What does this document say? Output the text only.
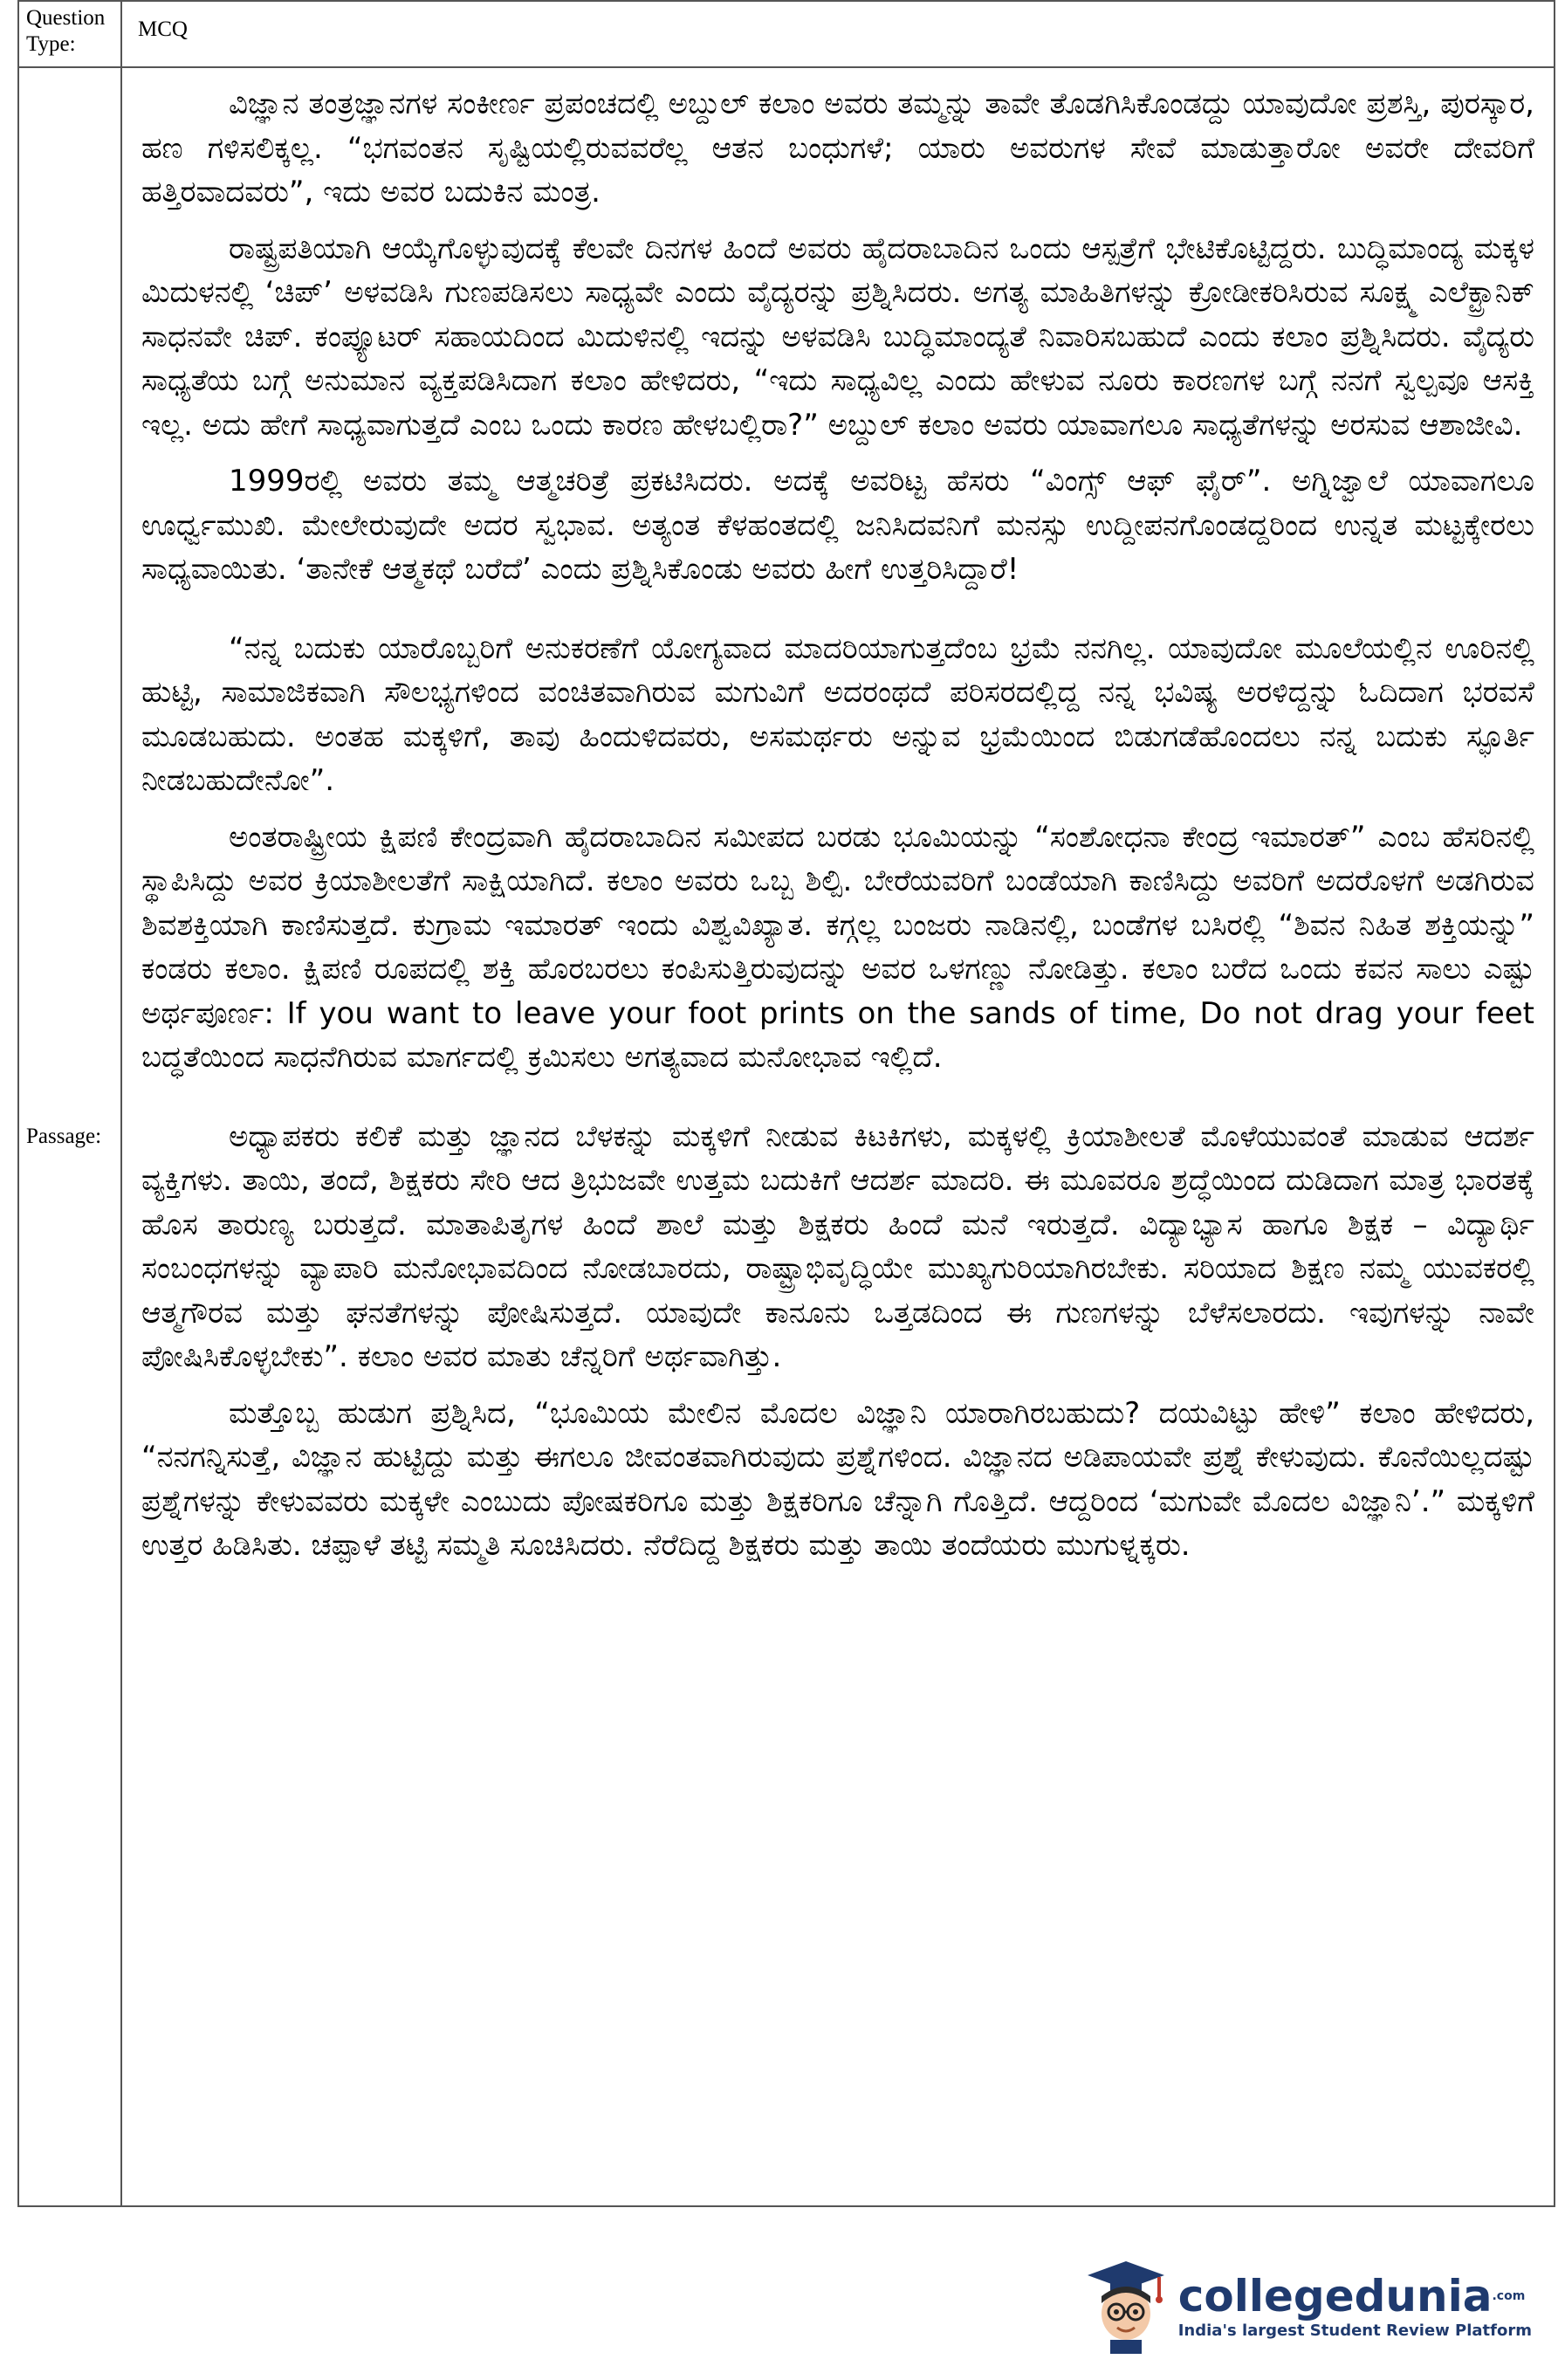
Question Type:
MCQ
Passage:

ವಿಜ್ಞಾನ ತಂತ್ರಜ್ಞಾನಗಳ ಸಂಕೀರ್ಣ ಪ್ರಪಂಚದಲ್ಲಿ ಅಬ್ದುಲ್ ಕಲಾಂ ಅವರು ತಮ್ಮನ್ನು ತಾವೇ ತೊಡಗಿಸಿಕೊಂಡದ್ದು ಯಾವುದೋ ಪ್ರಶಸ್ತಿ, ಪುರಸ್ಕಾರ, ಹಣ ಗಳಿಸಲಿಕ್ಕಲ್ಲ. “ಭಗವಂತನ ಸೃಷ್ಟಿಯಲ್ಲಿರುವವರೆಲ್ಲ ಆತನ ಬಂಧುಗಳೆ; ಯಾರು ಅವರುಗಳ ಸೇವೆ ಮಾಡುತ್ತಾರೋ ಅವರೇ ದೇವರಿಗೆ ಹತ್ತಿರವಾದವರು”, ಇದು ಅವರ ಬದುಕಿನ ಮಂತ್ರ.

ರಾಷ್ಟ್ರಪತಿಯಾಗಿ ಆಯ್ಕೆಗೊಳ್ಳುವುದಕ್ಕೆ ಕೆಲವೇ ದಿನಗಳ ಹಿಂದೆ ಅವರು ಹೈದರಾಬಾದಿನ ಒಂದು ಆಸ್ಪತ್ರೆಗೆ ಭೇಟಿಕೊಟ್ಟಿದ್ದರು. ಬುದ್ಧಿಮಾಂದ್ಯ ಮಕ್ಕಳ ಮಿದುಳನಲ್ಲಿ ‘ಚಿಪ್’ ಅಳವಡಿಸಿ ಗುಣಪಡಿಸಲು ಸಾಧ್ಯವೇ ಎಂದು ವೈದ್ಯರನ್ನು ಪ್ರಶ್ನಿಸಿದರು. ಅಗತ್ಯ ಮಾಹಿತಿಗಳನ್ನು ಕ್ರೋಡೀಕರಿಸಿರುವ ಸೂಕ್ಷ್ಮ ಎಲೆಕ್ಟ್ರಾನಿಕ್ ಸಾಧನವೇ ಚಿಪ್. ಕಂಪ್ಯೂಟರ್ ಸಹಾಯದಿಂದ ಮಿದುಳಿನಲ್ಲಿ ಇದನ್ನು ಅಳವಡಿಸಿ ಬುದ್ಧಿಮಾಂದ್ಯತೆ ನಿವಾರಿಸಬಹುದೆ ಎಂದು ಕಲಾಂ ಪ್ರಶ್ನಿಸಿದರು. ವೈದ್ಯರು ಸಾಧ್ಯತೆಯ ಬಗ್ಗೆ ಅನುಮಾನ ವ್ಯಕ್ತಪಡಿಸಿದಾಗ ಕಲಾಂ ಹೇಳಿದರು, “ಇದು ಸಾಧ್ಯವಿಲ್ಲ ಎಂದು ಹೇಳುವ ನೂರು ಕಾರಣಗಳ ಬಗ್ಗೆ ನನಗೆ ಸ್ವಲ್ಪವೂ ಆಸಕ್ತಿ ಇಲ್ಲ. ಅದು ಹೇಗೆ ಸಾಧ್ಯವಾಗುತ್ತದೆ ಎಂಬ ಒಂದು ಕಾರಣ ಹೇಳಬಲ್ಲಿರಾ?” ಅಬ್ದುಲ್ ಕಲಾಂ ಅವರು ಯಾವಾಗಲೂ ಸಾಧ್ಯತೆಗಳನ್ನು ಅರಸುವ ಆಶಾಜೀವಿ.

1999ರಲ್ಲಿ ಅವರು ತಮ್ಮ ಆತ್ಮಚರಿತ್ರೆ ಪ್ರಕಟಿಸಿದರು. ಅದಕ್ಕೆ ಅವರಿಟ್ಟ ಹೆಸರು “ವಿಂಗ್ಸ್ ಆಫ್ ಫೈರ್”. ಅಗ್ನಿಜ್ವಾಲೆ ಯಾವಾಗಲೂ ಊರ್ಧ್ವಮುಖಿ. ಮೇಲೇರುವುದೇ ಅದರ ಸ್ವಭಾವ. ಅತ್ಯಂತ ಕೆಳಹಂತದಲ್ಲಿ ಜನಿಸಿದವನಿಗೆ ಮನಸ್ಸು ಉದ್ದೀಪನಗೊಂಡದ್ದರಿಂದ ಉನ್ನತ ಮಟ್ಟಕ್ಕೇರಲು ಸಾಧ್ಯವಾಯಿತು. ‘ತಾನೇಕೆ ಆತ್ಮಕಥೆ ಬರೆದೆ’ ಎಂದು ಪ್ರಶ್ನಿಸಿಕೊಂಡು ಅವರು ಹೀಗೆ ಉತ್ತರಿಸಿದ್ದಾರೆ!

“ನನ್ನ ಬದುಕು ಯಾರೊಬ್ಬರಿಗೆ ಅನುಕರಣೆಗೆ ಯೋಗ್ಯವಾದ ಮಾದರಿಯಾಗುತ್ತದೆಂಬ ಭ್ರಮೆ ನನಗಿಲ್ಲ. ಯಾವುದೋ ಮೂಲೆಯಲ್ಲಿನ ಊರಿನಲ್ಲಿ ಹುಟ್ಟಿ, ಸಾಮಾಜಿಕವಾಗಿ ಸೌಲಭ್ಯಗಳಿಂದ ವಂಚಿತವಾಗಿರುವ ಮಗುವಿಗೆ ಅದರಂಥದೆ ಪರಿಸರದಲ್ಲಿದ್ದ ನನ್ನ ಭವಿಷ್ಯ ಅರಳಿದ್ದನ್ನು ಓದಿದಾಗ ಭರವಸೆ ಮೂಡಬಹುದು. ಅಂತಹ ಮಕ್ಕಳಿಗೆ, ತಾವು ಹಿಂದುಳಿದವರು, ಅಸಮರ್ಥರು ಅನ್ನುವ ಭ್ರಮೆಯಿಂದ ಬಿಡುಗಡೆಹೊಂದಲು ನನ್ನ ಬದುಕು ಸ್ಫೂರ್ತಿ ನೀಡಬಹುದೇನೋ”.

ಅಂತರಾಷ್ಟ್ರೀಯ ಕ್ಷಿಪಣಿ ಕೇಂದ್ರವಾಗಿ ಹೈದರಾಬಾದಿನ ಸಮೀಪದ ಬರಡು ಭೂಮಿಯನ್ನು “ಸಂಶೋಧನಾ ಕೇಂದ್ರ ಇಮಾರತ್” ಎಂಬ ಹೆಸರಿನಲ್ಲಿ ಸ್ಥಾಪಿಸಿದ್ದು ಅವರ ಕ್ರಿಯಾಶೀಲತೆಗೆ ಸಾಕ್ಷಿಯಾಗಿದೆ. ಕಲಾಂ ಅವರು ಒಬ್ಬ ಶಿಲ್ಪಿ. ಬೇರೆಯವರಿಗೆ ಬಂಡೆಯಾಗಿ ಕಾಣಿಸಿದ್ದು ಅವರಿಗೆ ಅದರೊಳಗೆ ಅಡಗಿರುವ ಶಿವಶಕ್ತಿಯಾಗಿ ಕಾಣಿಸುತ್ತದೆ. ಕುಗ್ರಾಮ ಇಮಾರತ್ ಇಂದು ವಿಶ್ವವಿಖ್ಯಾತ. ಕಗ್ಗಲ್ಲ ಬಂಜರು ನಾಡಿನಲ್ಲಿ, ಬಂಡೆಗಳ ಬಸಿರಲ್ಲಿ “ಶಿವನ ನಿಹಿತ ಶಕ್ತಿಯನ್ನು” ಕಂಡರು ಕಲಾಂ. ಕ್ಷಿಪಣಿ ರೂಪದಲ್ಲಿ ಶಕ್ತಿ ಹೊರಬರಲು ಕಂಪಿಸುತ್ತಿರುವುದನ್ನು ಅವರ ಒಳಗಣ್ಣು ನೋಡಿತ್ತು. ಕಲಾಂ ಬರೆದ ಒಂದು ಕವನ ಸಾಲು ಎಷ್ಟು ಅರ್ಥಪೂರ್ಣ: If you want to leave your foot prints on the sands of time, Do not drag your feet ಬದ್ಧತೆಯಿಂದ ಸಾಧನೆಗಿರುವ ಮಾರ್ಗದಲ್ಲಿ ಕ್ರಮಿಸಲು ಅಗತ್ಯವಾದ ಮನೋಭಾವ ಇಲ್ಲಿದೆ.

ಅಧ್ಯಾಪಕರು ಕಲಿಕೆ ಮತ್ತು ಜ್ಞಾನದ ಬೆಳಕನ್ನು ಮಕ್ಕಳಿಗೆ ನೀಡುವ ಕಿಟಕಿಗಳು, ಮಕ್ಕಳಲ್ಲಿ ಕ್ರಿಯಾಶೀಲತೆ ಮೊಳೆಯುವಂತೆ ಮಾಡುವ ಆದರ್ಶ ವ್ಯಕ್ತಿಗಳು. ತಾಯಿ, ತಂದೆ, ಶಿಕ್ಷಕರು ಸೇರಿ ಆದ ತ್ರಿಭುಜವೇ ಉತ್ತಮ ಬದುಕಿಗೆ ಆದರ್ಶ ಮಾದರಿ. ಈ ಮೂವರೂ ಶ್ರದ್ಧೆಯಿಂದ ದುಡಿದಾಗ ಮಾತ್ರ ಭಾರತಕ್ಕೆ ಹೊಸ ತಾರುಣ್ಯ ಬರುತ್ತದೆ. ಮಾತಾಪಿತೃಗಳ ಹಿಂದೆ ಶಾಲೆ ಮತ್ತು ಶಿಕ್ಷಕರು ಹಿಂದೆ ಮನೆ ಇರುತ್ತದೆ. ವಿದ್ಯಾಭ್ಯಾಸ ಹಾಗೂ ಶಿಕ್ಷಕ – ವಿದ್ಯಾರ್ಥಿ ಸಂಬಂಧಗಳನ್ನು ವ್ಯಾಪಾರಿ ಮನೋಭಾವದಿಂದ ನೋಡಬಾರದು, ರಾಷ್ಟ್ರಾಭಿವೃದ್ಧಿಯೇ ಮುಖ್ಯಗುರಿಯಾಗಿರಬೇಕು. ಸರಿಯಾದ ಶಿಕ್ಷಣ ನಮ್ಮ ಯುವಕರಲ್ಲಿ ಆತ್ಮಗೌರವ ಮತ್ತು ಘನತೆಗಳನ್ನು ಪೋಷಿಸುತ್ತದೆ. ಯಾವುದೇ ಕಾನೂನು ಒತ್ತಡದಿಂದ ಈ ಗುಣಗಳನ್ನು ಬೆಳೆಸಲಾರದು. ಇವುಗಳನ್ನು ನಾವೇ ಪೋಷಿಸಿಕೊಳ್ಳಬೇಕು”. ಕಲಾಂ ಅವರ ಮಾತು ಚೆನ್ನರಿಗೆ ಅರ್ಥವಾಗಿತ್ತು.

ಮತ್ತೊಬ್ಬ ಹುಡುಗ ಪ್ರಶ್ನಿಸಿದ, “ಭೂಮಿಯ ಮೇಲಿನ ಮೊದಲ ವಿಜ್ಞಾನಿ ಯಾರಾಗಿರಬಹುದು? ದಯವಿಟ್ಟು ಹೇಳಿ” ಕಲಾಂ ಹೇಳಿದರು, “ನನಗನ್ನಿಸುತ್ತೆ, ವಿಜ್ಞಾನ ಹುಟ್ಟಿದ್ದು ಮತ್ತು ಈಗಲೂ ಜೀವಂತವಾಗಿರುವುದು ಪ್ರಶ್ನೆಗಳಿಂದ. ವಿಜ್ಞಾನದ ಅಡಿಪಾಯವೇ ಪ್ರಶ್ನೆ ಕೇಳುವುದು. ಕೊನೆಯಿಲ್ಲದಷ್ಟು ಪ್ರಶ್ನೆಗಳನ್ನು ಕೇಳುವವರು ಮಕ್ಕಳೇ ಎಂಬುದು ಪೋಷಕರಿಗೂ ಮತ್ತು ಶಿಕ್ಷಕರಿಗೂ ಚೆನ್ನಾಗಿ ಗೊತ್ತಿದೆ. ಆದ್ದರಿಂದ ‘ಮಗುವೇ ಮೊದಲ ವಿಜ್ಞಾನಿ’.” ಮಕ್ಕಳಿಗೆ ಉತ್ತರ ಹಿಡಿಸಿತು. ಚಪ್ಪಾಳೆ ತಟ್ಟಿ ಸಮ್ಮತಿ ಸೂಚಿಸಿದರು. ನೆರೆದಿದ್ದ ಶಿಕ್ಷಕರು ಮತ್ತು ತಾಯಿ ತಂದೆಯರು ಮುಗುಳ್ನಕ್ಕರು.

collegedunia$^{.com}$
India's largest Student Review Platform
